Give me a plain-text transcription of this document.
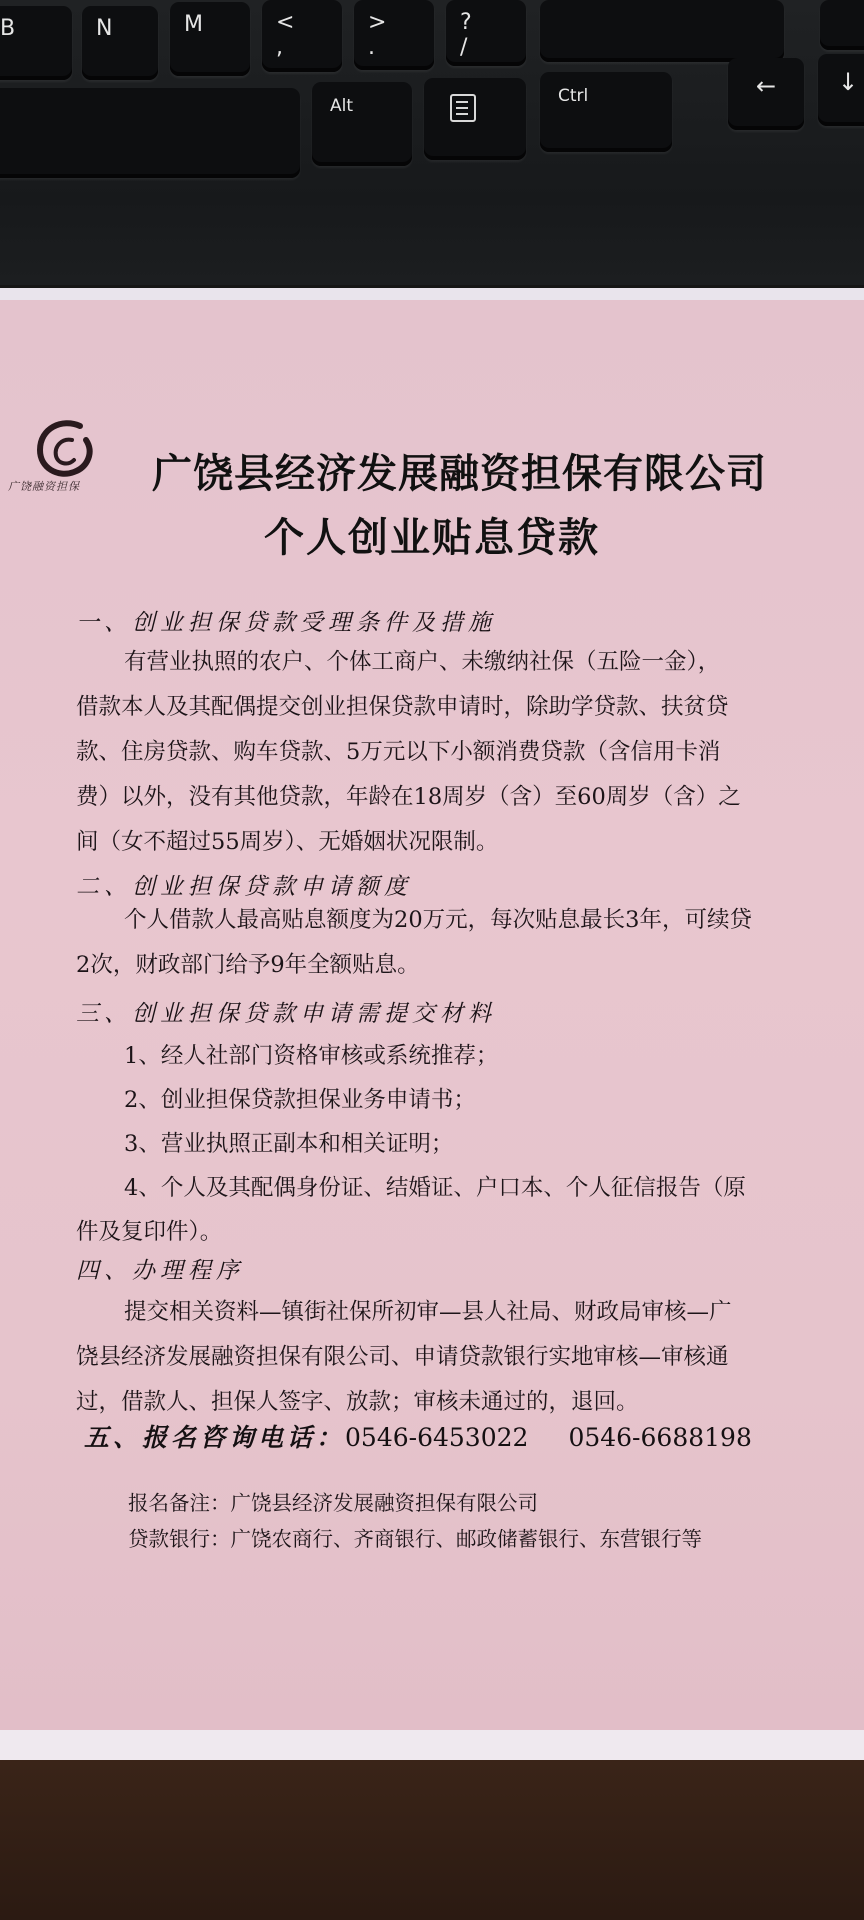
B	N	M	<
,
>
.
?
/
Alt	Ctrl	←	↓
广饶融资担保	广饶县经济发展融资担保有限公司
个人创业贴息贷款
一、创业担保贷款受理条件及措施
有营业执照的农户、个体工商户、未缴纳社保（五险一金），
借款本人及其配偶提交创业担保贷款申请时，除助学贷款、扶贫贷
款、住房贷款、购车贷款、5万元以下小额消费贷款（含信用卡消
费）以外，没有其他贷款，年龄在18周岁（含）至60周岁（含）之
间（女不超过55周岁）、无婚姻状况限制。
二、创业担保贷款申请额度
个人借款人最高贴息额度为20万元，每次贴息最长3年，可续贷
2次，财政部门给予9年全额贴息。
三、创业担保贷款申请需提交材料
1、经人社部门资格审核或系统推荐；
2、创业担保贷款担保业务申请书；
3、营业执照正副本和相关证明；
4、个人及其配偶身份证、结婚证、户口本、个人征信报告（原
件及复印件）。
四、办理程序
提交相关资料—镇街社保所初审—县人社局、财政局审核—广
饶县经济发展融资担保有限公司、申请贷款银行实地审核—审核通
过，借款人、担保人签字、放款；审核未通过的，退回。
五、报名咨询电话：0546-6453022 0546-6688198
报名备注：广饶县经济发展融资担保有限公司
贷款银行：广饶农商行、齐商银行、邮政储蓄银行、东营银行等
